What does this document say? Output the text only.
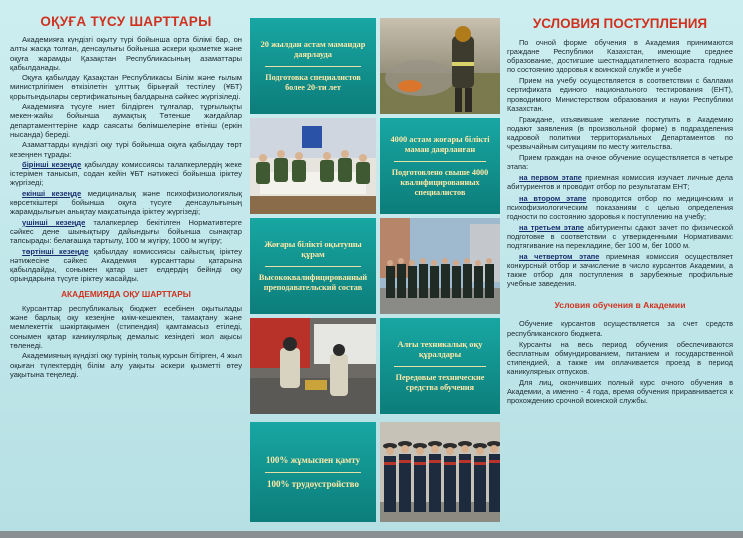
ОҚУҒА ТҮСУ ШАРТТАРЫ
Академияға күндізгі оқыту түрі бойынша орта білімі бар, он алты жасқа толған, денсаулығы бойынша әскери қызметке және оқуға жарамды Қазақстан Республикасының азаматтары қабылданады.
Оқуға қабылдау Қазақстан Республикасы Білім және ғылым министрлігімен өткізілетін ұлттық бірыңғай тестілеу (ҰБТ) қорытындылары сертификатының балдарына сәйкес жүргізіледі.
Академияға түсуге ниет білдірген тұлғалар, тұрғылықты мекен-жайы бойынша аумақтық Төтенше жағдайлар департаменттеріне кадр саясаты бөлімшелеріне өтініш (еркін нысанда) береді.
Азаматтарды күндізгі оқу түрі бойынша оқуға қабылдау төрт кезеңнен тұрады:
бірінші кезеңде қабылдау комиссиясы талапкерлердің жеке істерімен танысып, содан кейін ҰБТ нәтижесі бойынша іріктеу жүргізеді;
екінші кезеңде медициналық және психофизиологиялық көрсеткіштері бойынша оқуға түсуге денсаулығының жарамдылығын анықтау мақсатында іріктеу жүргізеді;
үшінші кезеңде талапкерлер бекітілген Нормативтерге сәйкес дене шынықтыру дайындығы бойынша сынақтар тапсырады: белағашқа тартылу, 100 м жүгіру, 1000 м жүгіру;
төртінші кезеңде қабылдау комиссиясы сайыстық іріктеу нәтижесіне сәйкес Академия курсанттары қатарына қабылдайды, сонымен қатар шет елдердің бейінді оқу орындарына түсуге іріктеу жасайды.
АКАДЕМИЯДА ОҚУ ШАРТТАРЫ
Курсанттар республикалық бюджет есебінен оқытылады және барлық оқу кезеңіне киім-кешекпен, тамақтану және мемлекеттік шәкіртақымен (стипендия) қамтамасыз етіледі, сонымен қатар каникулярлық демалыс кезіндегі жол ақысы төленеді.
Академияның күндізгі оқу түрінің толық курсын бітірген, 4 жыл оқыған түлектердің білім алу уақыты әскери қызметті өтеу уақытына теңеледі.
20 жылдан астам мамандар даярлауда
Подготовка специалистов более 20-ти лет
4000 астам жоғары білікті маман даярланған
Подготовлено свыше 4000 квалифицированных специалистов
Жоғары білікті оқытушы құрам
Высококвалифицированный преподавательский состав
Алғы техникалық оқу құралдары
Передовые технические средства обучения
100% жұмыспен қамту
100% трудоустройство
УСЛОВИЯ ПОСТУПЛЕНИЯ
По очной форме обучения в Академия принимаются граждане Республики Казахстан, имеющие среднее образование, достигшие шестнадцатилетнего возраста годные по состоянию здоровья к воинской службе и учебе
Прием на учебу осуществляется в соответствии с баллами сертификата единого национального тестирования (ЕНТ), проводимого Министерством образования и науки Республики Казахстан.
Граждане, изъявившие желание поступить в Академию подают заявления (в произвольной форме) в подразделения кадровой политики территориальных Департаментов по чрезвычайным ситуациям по месту жительства.
Прием граждан на очное обучение осуществляется в четыре этапа:
на первом этапе приемная комиссия изучает личные дела абитуриентов и проводит отбор по результатам ЕНТ;
на втором этапе проводится отбор по медицинским и психофизиологическим показаниям с целью определения годности по состоянию здоровья к поступлению на учебу;
на третьем этапе абитуриенты сдают зачет по физической подготовке в соответствии с утвержденными Нормативами: подтягивание на перекладине, бег 100 м, бег 1000 м.
на четвертом этапе приемная комиссия осуществляет конкурсный отбор и зачисление в число курсантов Академии, а также отбор для поступления в зарубежные профильные учебные заведения.
Условия обучения в Академии
Обучение курсантов осуществляется за счет средств республиканского бюджета.
Курсанты на весь период обучения обеспечиваются бесплатным обмундированием, питанием и государственной стипендией, а также им оплачивается проезд в период каникулярных отпусков.
Для лиц, окончивших полный курс очного обучения в Академии, а именно - 4 года, время обучения приравнивается к прохождению срочной воинской службы.
